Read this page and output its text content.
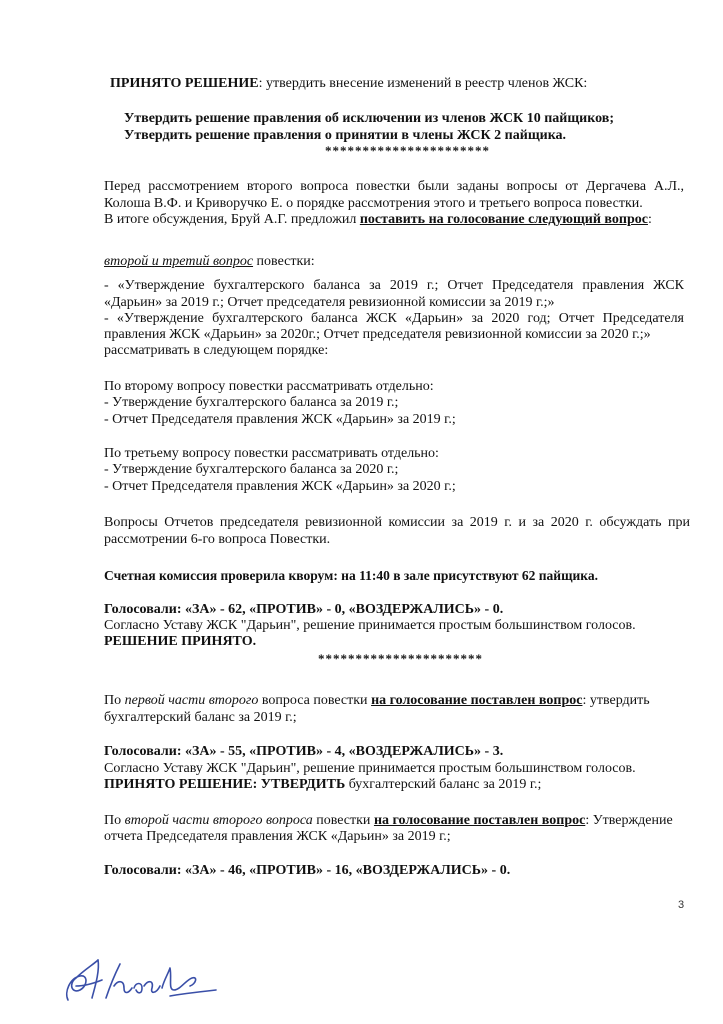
ПРИНЯТО РЕШЕНИЕ: утвердить внесение изменений в реестр членов ЖСК:

Утвердить решение правления об исключении из членов ЖСК 10 пайщиков;

Утвердить решение правления о принятии в члены ЖСК 2 пайщика.

**********************

Перед рассмотрением второго вопроса повестки были заданы вопросы от Дергачева А.Л.,

Колоша В.Ф. и Криворучко Е. о порядке рассмотрения этого и третьего вопроса повестки.

В итоге обсуждения, Бруй А.Г. предложил поставить на голосование следующий вопрос:

второй и третий вопрос повестки:

- «Утверждение бухгалтерского баланса за 2019 г.; Отчет Председателя правления ЖСК

«Дарьин» за 2019 г.; Отчет председателя ревизионной комиссии за 2019 г.;»

- «Утверждение бухгалтерского баланса ЖСК «Дарьин» за 2020 год; Отчет Председателя

правления ЖСК «Дарьин» за 2020г.; Отчет председателя ревизионной комиссии за 2020 г.;»

рассматривать в следующем порядке:

По второму вопросу повестки рассматривать отдельно:

- Утверждение бухгалтерского баланса за 2019 г.;

- Отчет Председателя правления ЖСК «Дарьин» за 2019 г.;

По третьему вопросу повестки рассматривать отдельно:

- Утверждение бухгалтерского баланса за 2020 г.;

- Отчет Председателя правления ЖСК «Дарьин» за 2020 г.;

Вопросы Отчетов председателя ревизионной комиссии за 2019 г. и за 2020 г. обсуждать при

рассмотрении 6-го вопроса Повестки.

Счетная комиссия проверила кворум: на 11:40 в зале присутствуют 62 пайщика.

Голосовали: «ЗА» - 62, «ПРОТИВ» - 0, «ВОЗДЕРЖАЛИСЬ» - 0.

Согласно Уставу ЖСК "Дарьин", решение принимается простым большинством голосов.

РЕШЕНИЕ ПРИНЯТО.

**********************

По первой части второго вопроса повестки на голосование поставлен вопрос: утвердить

бухгалтерский баланс за 2019 г.;

Голосовали: «ЗА» - 55, «ПРОТИВ» - 4, «ВОЗДЕРЖАЛИСЬ» - 3.

Согласно Уставу ЖСК "Дарьин", решение принимается простым большинством голосов.

ПРИНЯТО РЕШЕНИЕ: УТВЕРДИТЬ бухгалтерский баланс за 2019 г.;

По второй части второго вопроса повестки на голосование поставлен вопрос: Утверждение

отчета Председателя правления ЖСК «Дарьин» за 2019 г.;

Голосовали: «ЗА» - 46, «ПРОТИВ» - 16, «ВОЗДЕРЖАЛИСЬ» - 0.

3
